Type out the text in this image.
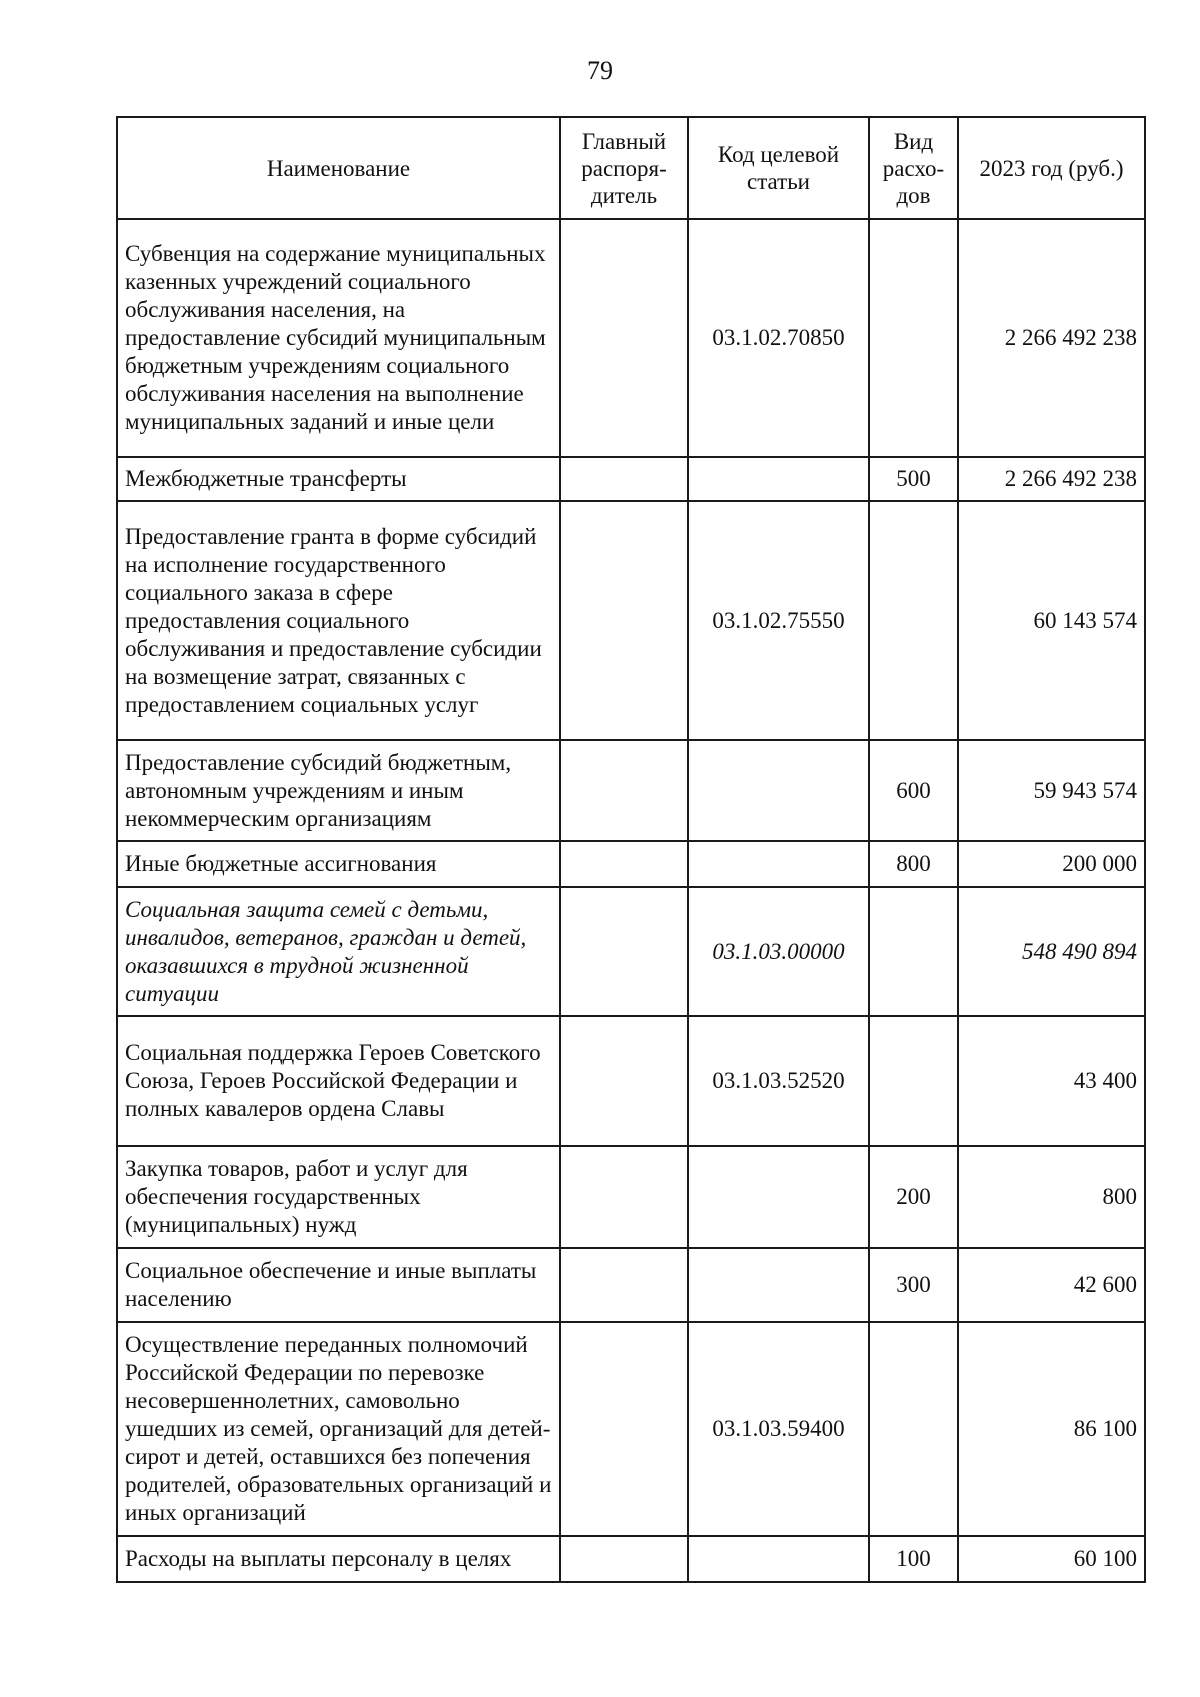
79
Наименование	Главный распоря-дитель	Код целевой статьи	Вид расхо-дов	2023 год (руб.)
Субвенция на содержание муниципальных казенных учреждений социального обслуживания населения, на предоставление субсидий муниципальным бюджетным учреждениям социального обслуживания населения на выполнение муниципальных заданий и иные цели		03.1.02.70850		2 266 492 238
Межбюджетные трансферты			500	2 266 492 238
Предоставление гранта в форме субсидий на исполнение государственного социального заказа в сфере предоставления социального обслуживания и предоставление субсидии на возмещение затрат, связанных с предоставлением социальных услуг		03.1.02.75550		60 143 574
Предоставление субсидий бюджетным, автономным учреждениям и иным некоммерческим организациям			600	59 943 574
Иные бюджетные ассигнования			800	200 000
Социальная защита семей с детьми, инвалидов, ветеранов, граждан и детей, оказавшихся в трудной жизненной ситуации		03.1.03.00000		548 490 894
Социальная поддержка Героев Советского Союза, Героев Российской Федерации и полных кавалеров ордена Славы		03.1.03.52520		43 400
Закупка товаров, работ и услуг для обеспечения государственных (муниципальных) нужд			200	800
Социальное обеспечение и иные выплаты населению			300	42 600
Осуществление переданных полномочий Российской Федерации по перевозке несовершеннолетних, самовольно ушедших из семей, организаций для детей-сирот и детей, оставшихся без попечения родителей, образовательных организаций и иных организаций		03.1.03.59400		86 100
Расходы на выплаты персоналу в целях			100	60 100
